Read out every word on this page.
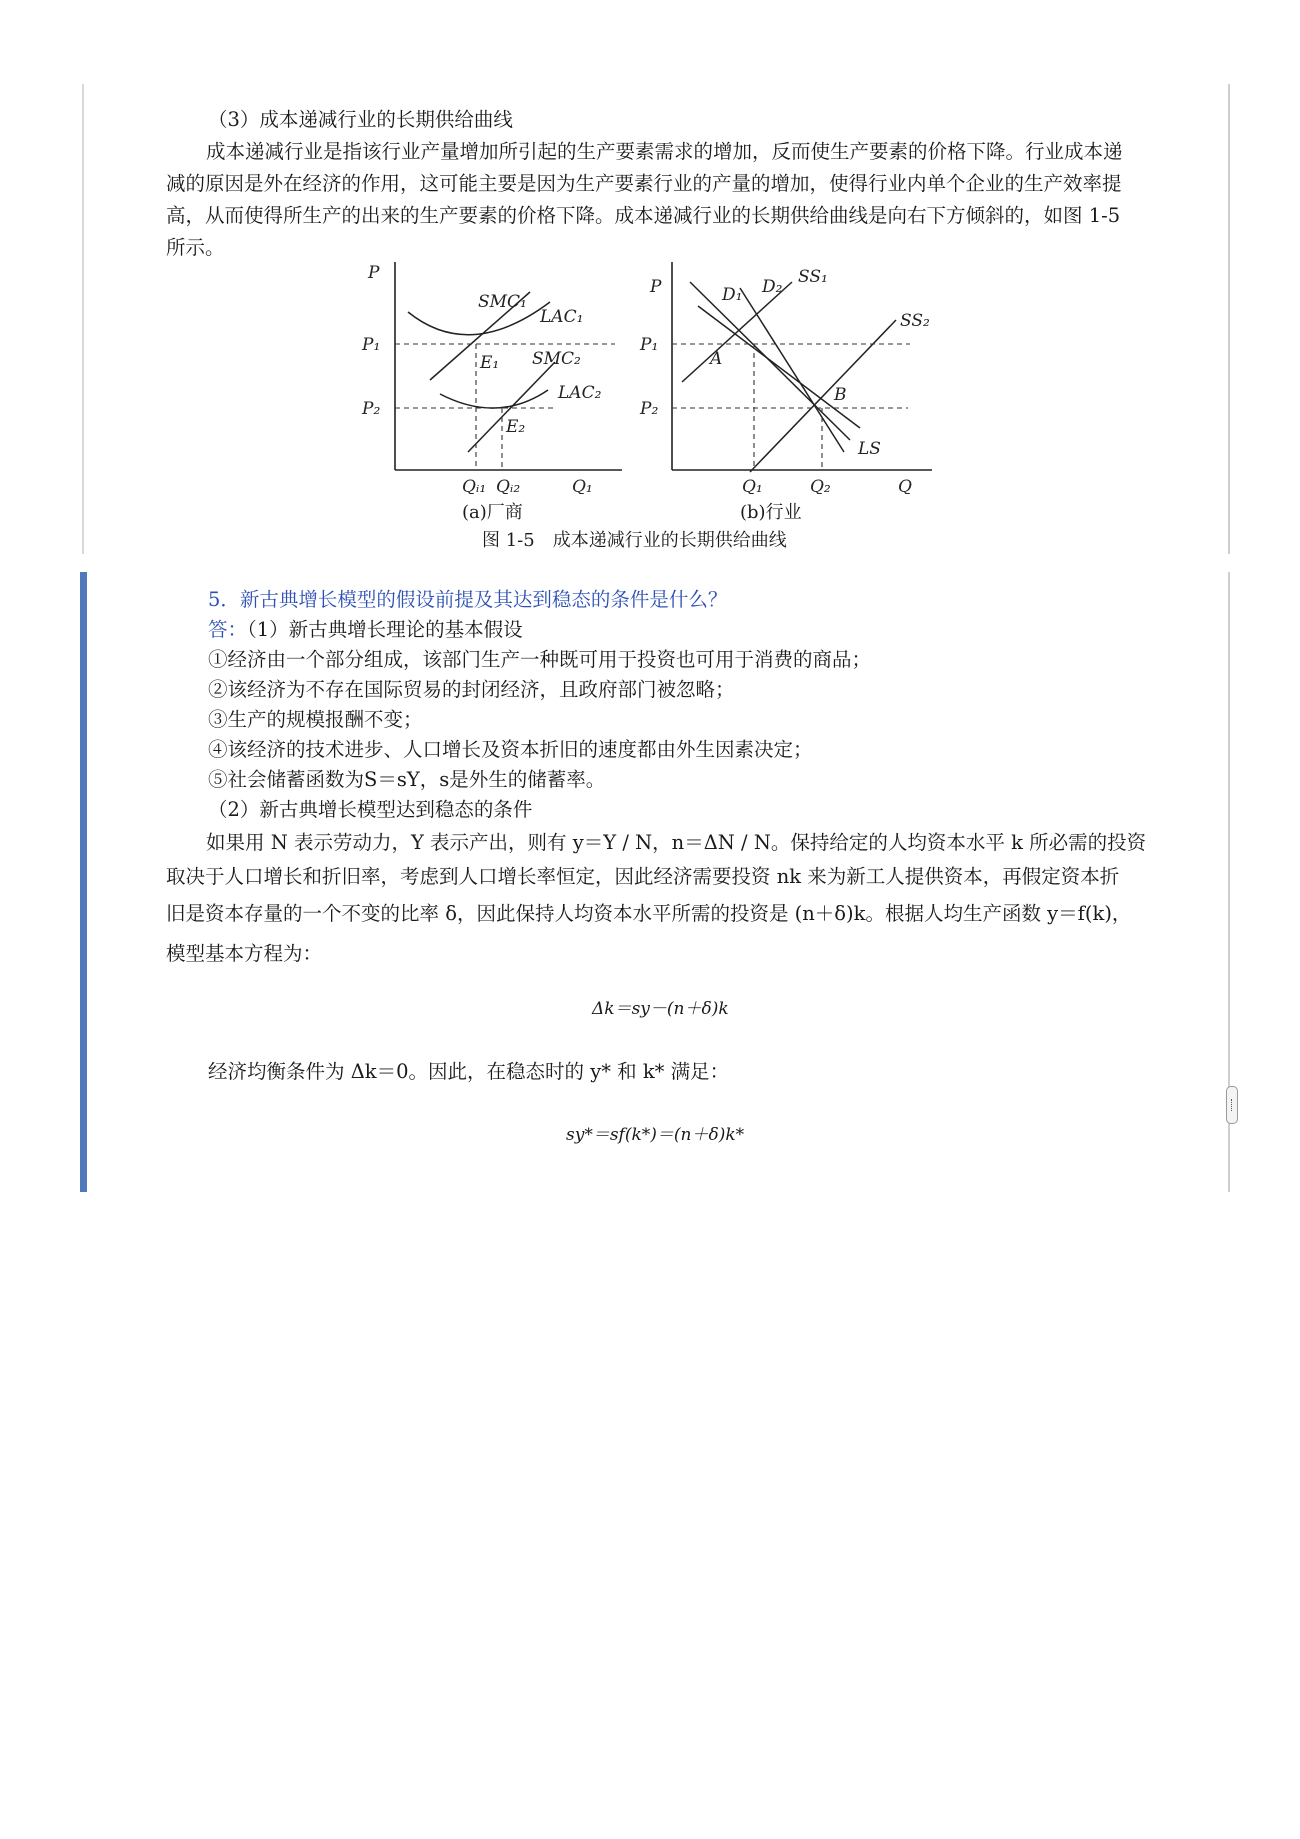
（3）成本递减行业的长期供给曲线
成本递减行业是指该行业产量增加所引起的生产要素需求的增加，反而使生产要素的价格下降。行业成本递
减的原因是外在经济的作用，这可能主要是因为生产要素行业的产量的增加，使得行业内单个企业的生产效率提
高，从而使得所生产的出来的生产要素的价格下降。成本递减行业的长期供给曲线是向右下方倾斜的，如图 1-5
所示。
P
SMC₁
LAC₁
SMC₂
LAC₂
E₁
E₂
P₁
P₂
Qᵢ₁ Qᵢ₂	Q₁
P
Q
D₁ D₂ SS₁
SS₂
A
B
LS
P₁
P₂
Q₁	Q₂
(a)厂商	(b)行业
图 1-5　成本递减行业的长期供给曲线
5．新古典增长模型的假设前提及其达到稳态的条件是什么？
答：（1）新古典增长理论的基本假设
①经济由一个部分组成，该部门生产一种既可用于投资也可用于消费的商品；
②该经济为不存在国际贸易的封闭经济，且政府部门被忽略；
③生产的规模报酬不变；
④该经济的技术进步、人口增长及资本折旧的速度都由外生因素决定；
⑤社会储蓄函数为S＝sY，s是外生的储蓄率。
（2）新古典增长模型达到稳态的条件
如果用 N 表示劳动力，Y 表示产出，则有 y＝Y / N，n＝ΔN / N。保持给定的人均资本水平 k 所必需的投资
取决于人口增长和折旧率，考虑到人口增长率恒定，因此经济需要投资 nk 来为新工人提供资本，再假定资本折
旧是资本存量的一个不变的比率 δ，因此保持人均资本水平所需的投资是 (n＋δ)k。根据人均生产函数 y＝f(k)，
模型基本方程为：
Δk＝sy－(n＋δ)k
经济均衡条件为 Δk＝0。因此，在稳态时的 y* 和 k* 满足：
sy*＝sf(k*)＝(n＋δ)k*
